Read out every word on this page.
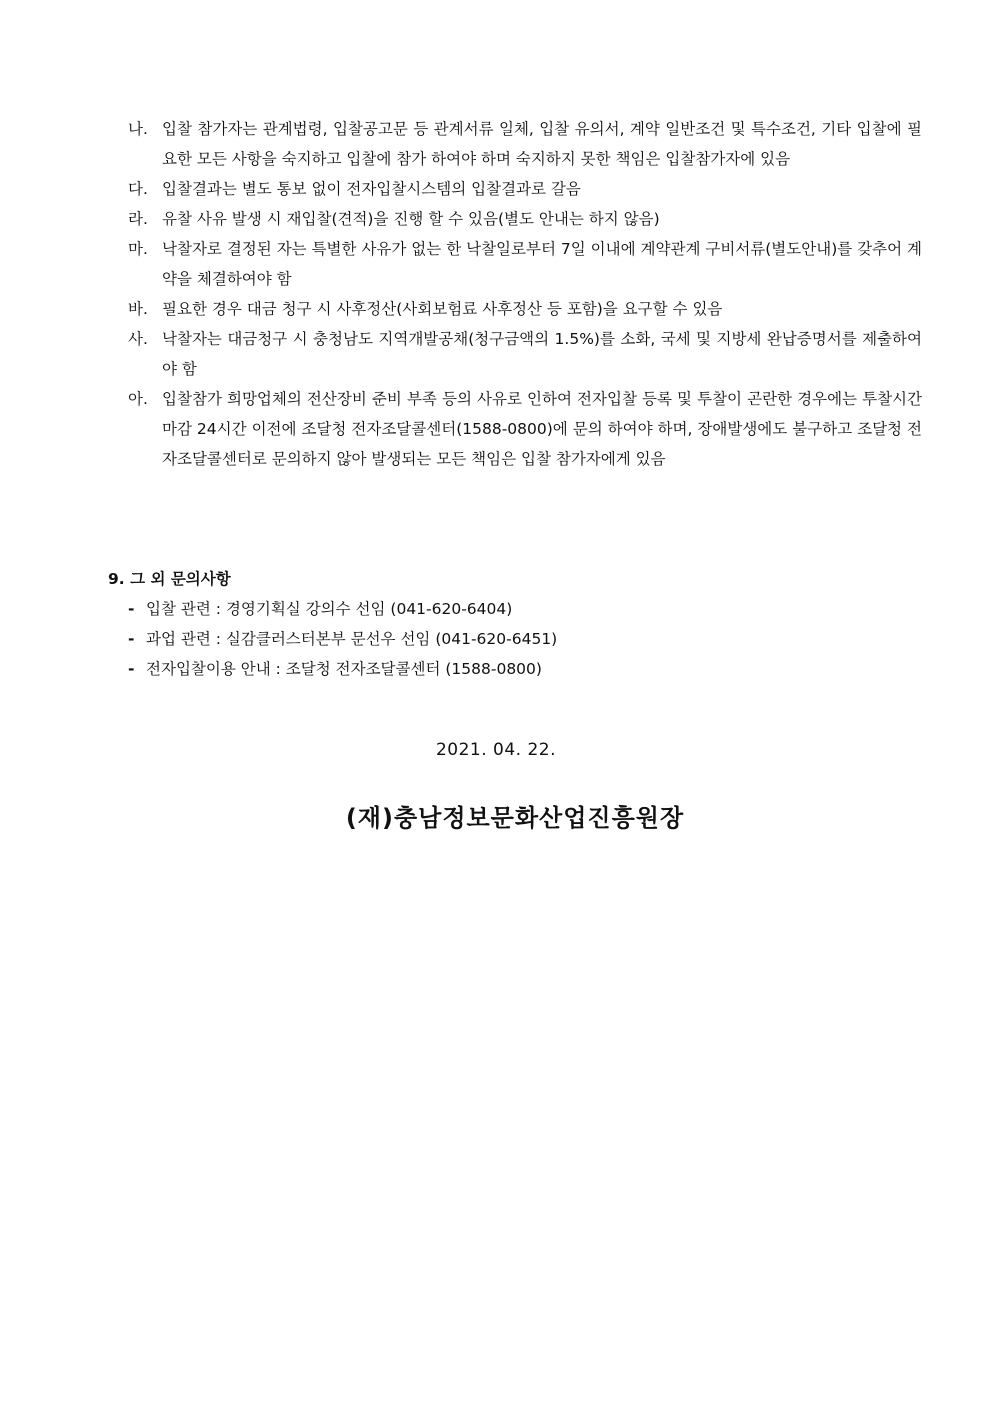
나. 입찰 참가자는 관계법령, 입찰공고문 등 관계서류 일체, 입찰 유의서, 계약 일반조건 및 특수조건, 기타 입찰에 필요한 모든 사항을 숙지하고 입찰에 참가 하여야 하며 숙지하지 못한 책임은 입찰참가자에 있음
다. 입찰결과는 별도 통보 없이 전자입찰시스템의 입찰결과로 갈음
라. 유찰 사유 발생 시 재입찰(견적)을 진행 할 수 있음(별도 안내는 하지 않음)
마. 낙찰자로 결정된 자는 특별한 사유가 없는 한 낙찰일로부터 7일 이내에 계약관계 구비서류(별도안내)를 갖추어 계약을 체결하여야 함
바. 필요한 경우 대금 청구 시 사후정산(사회보험료 사후정산 등 포함)을 요구할 수 있음
사. 낙찰자는 대금청구 시 충청남도 지역개발공채(청구금액의 1.5%)를 소화, 국세 및 지방세 완납증명서를 제출하여야 함
아. 입찰참가 희망업체의 전산장비 준비 부족 등의 사유로 인하여 전자입찰 등록 및 투찰이 곤란한 경우에는 투찰시간 마감 24시간 이전에 조달청 전자조달콜센터(1588-0800)에 문의 하여야 하며, 장애발생에도 불구하고 조달청 전자조달콜센터로 문의하지 않아 발생되는 모든 책임은 입찰 참가자에게 있음
9. 그 외 문의사항
- 입찰 관련 : 경영기획실 강의수 선임 (041-620-6404)
- 과업 관련 : 실감클러스터본부 문선우 선임 (041-620-6451)
- 전자입찰이용 안내 : 조달청 전자조달콜센터 (1588-0800)
2021. 04. 22.
(재)충남정보문화산업진흥원장
